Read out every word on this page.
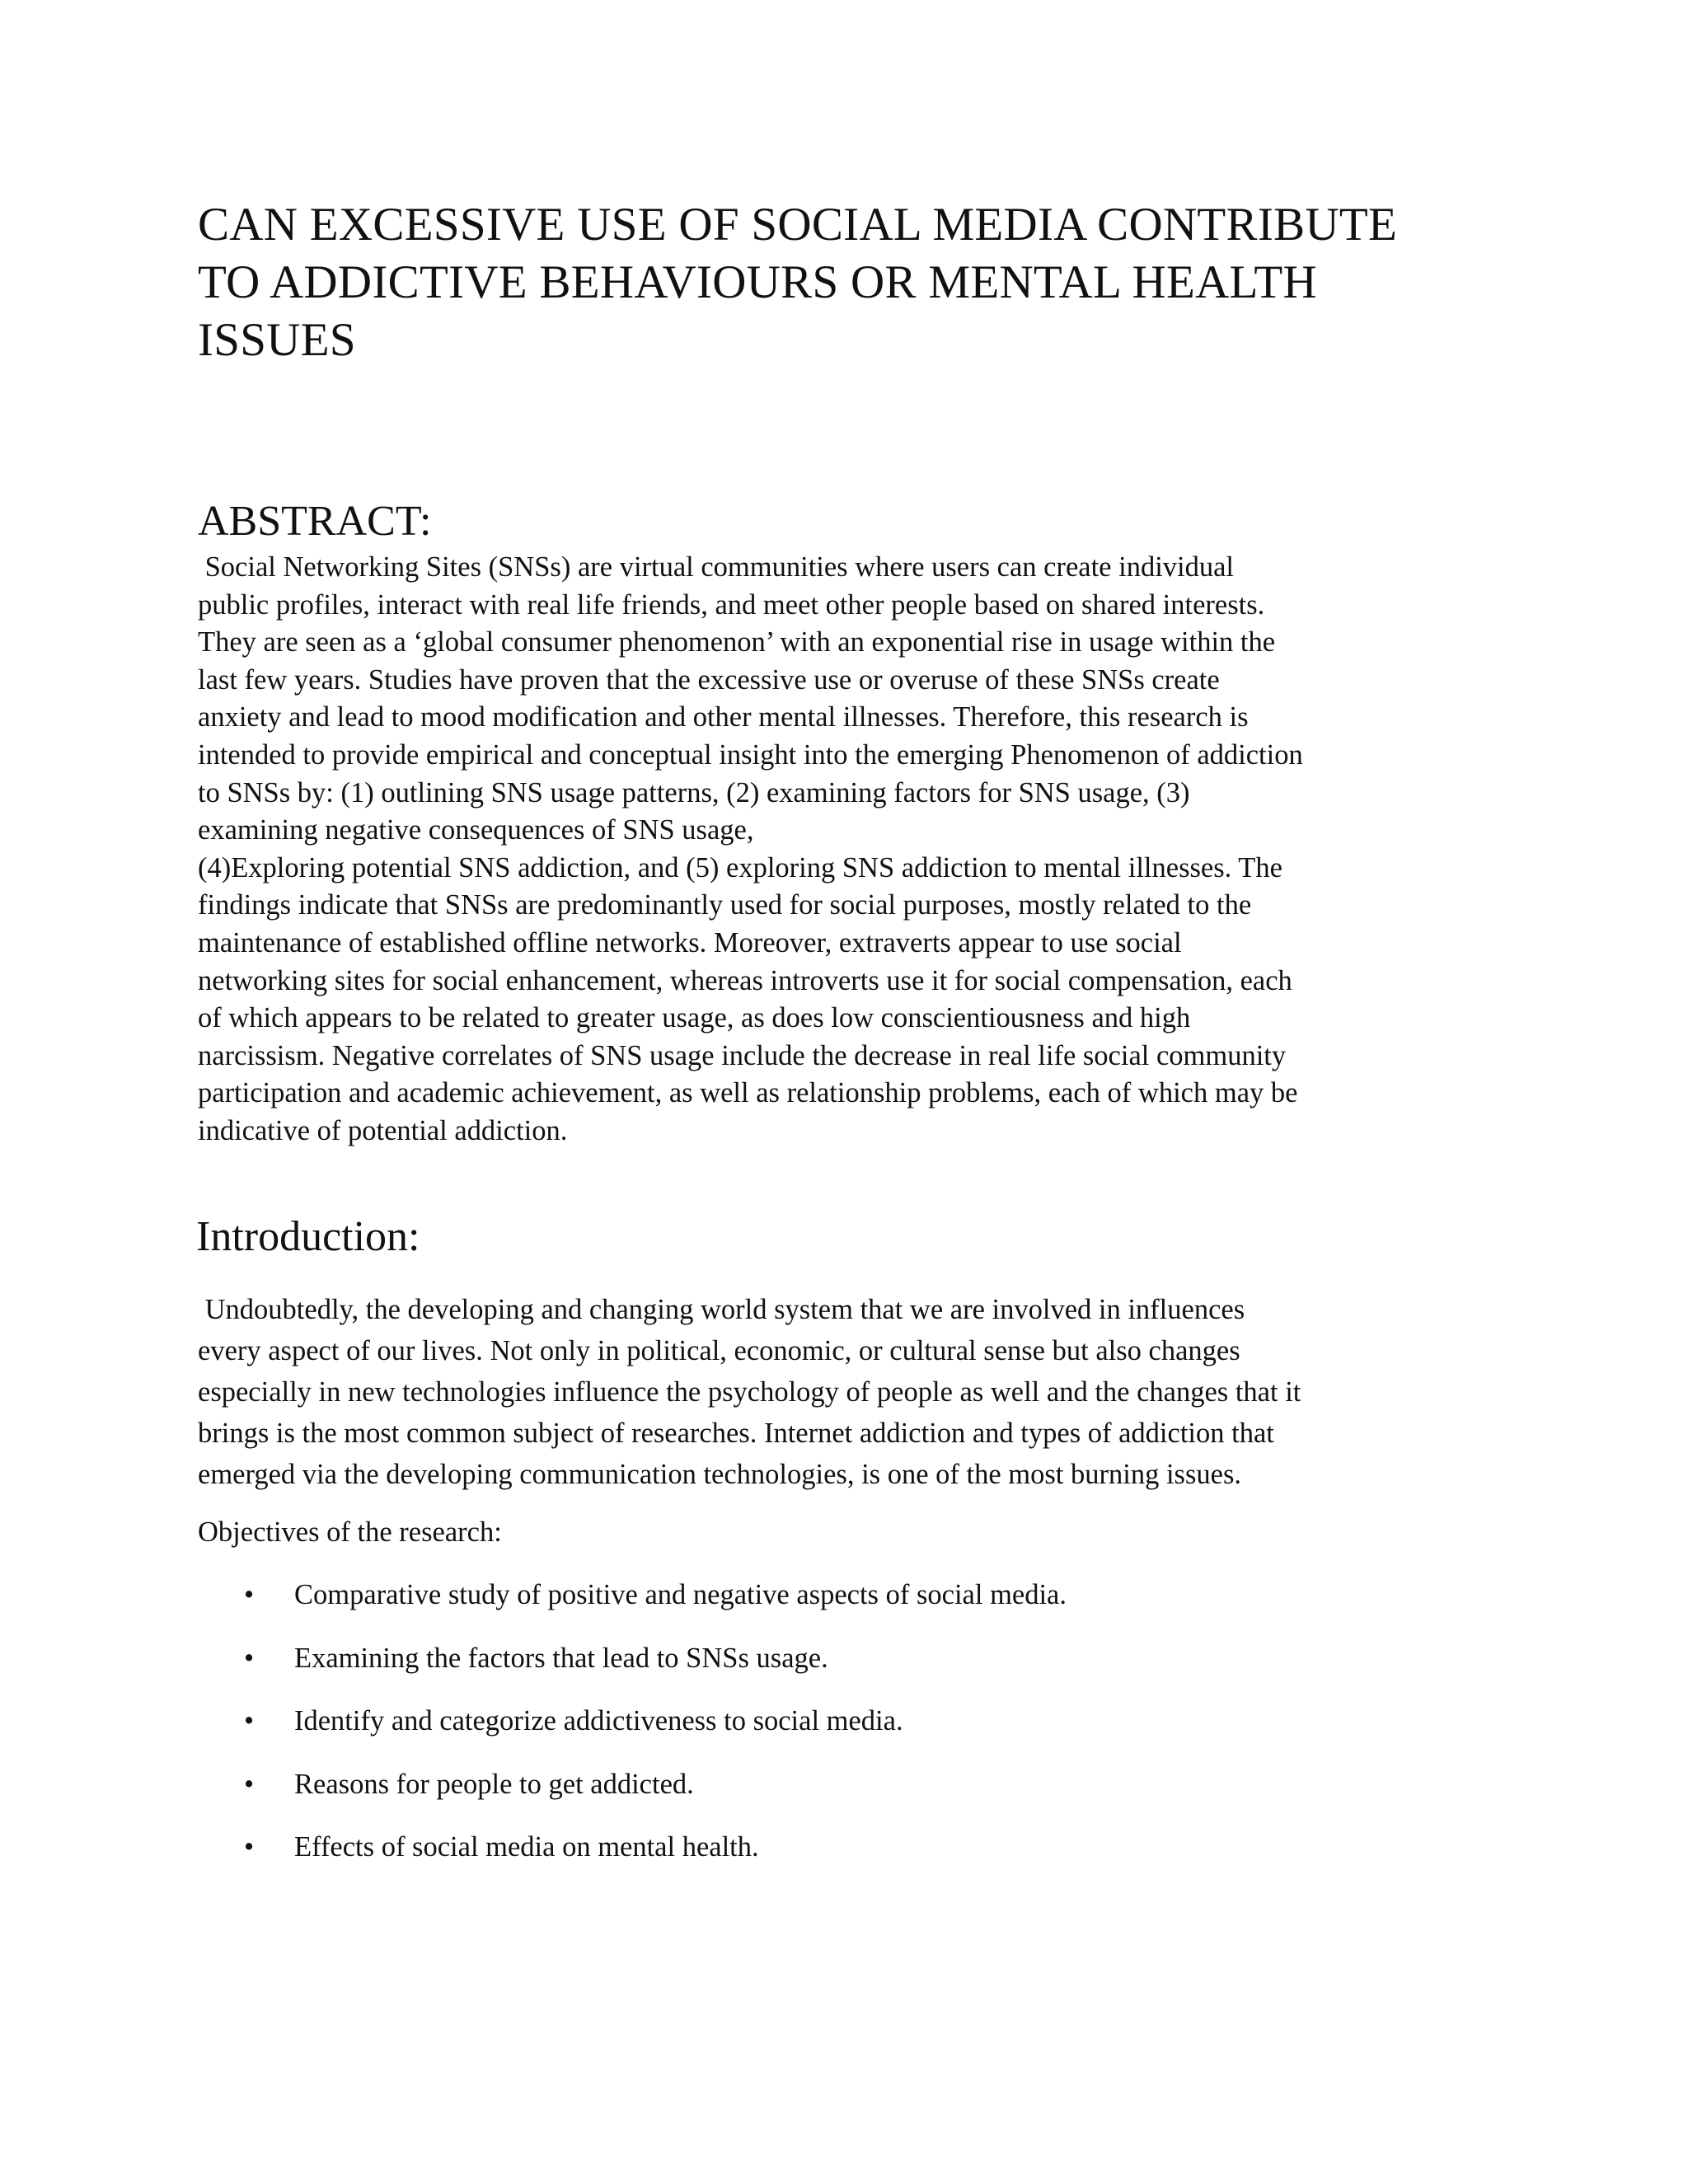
CAN EXCESSIVE USE OF SOCIAL MEDIA CONTRIBUTE
TO ADDICTIVE BEHAVIOURS OR MENTAL HEALTH
ISSUES
ABSTRACT:
Social Networking Sites (SNSs) are virtual communities where users can create individual
public profiles, interact with real life friends, and meet other people based on shared interests.
They are seen as a ‘global consumer phenomenon’ with an exponential rise in usage within the
last few years. Studies have proven that the excessive use or overuse of these SNSs create
anxiety and lead to mood modification and other mental illnesses. Therefore, this research is
intended to provide empirical and conceptual insight into the emerging Phenomenon of addiction
to SNSs by: (1) outlining SNS usage patterns, (2) examining factors for SNS usage, (3)
examining negative consequences of SNS usage,
(4)Exploring potential SNS addiction, and (5) exploring SNS addiction to mental illnesses. The
findings indicate that SNSs are predominantly used for social purposes, mostly related to the
maintenance of established offline networks. Moreover, extraverts appear to use social
networking sites for social enhancement, whereas introverts use it for social compensation, each
of which appears to be related to greater usage, as does low conscientiousness and high
narcissism. Negative correlates of SNS usage include the decrease in real life social community
participation and academic achievement, as well as relationship problems, each of which may be
indicative of potential addiction.
Introduction:
Undoubtedly, the developing and changing world system that we are involved in influences
every aspect of our lives. Not only in political, economic, or cultural sense but also changes
especially in new technologies influence the psychology of people as well and the changes that it
brings is the most common subject of researches. Internet addiction and types of addiction that
emerged via the developing communication technologies, is one of the most burning issues.
Objectives of the research:
• Comparative study of positive and negative aspects of social media.
• Examining the factors that lead to SNSs usage.
• Identify and categorize addictiveness to social media.
• Reasons for people to get addicted.
• Effects of social media on mental health.
